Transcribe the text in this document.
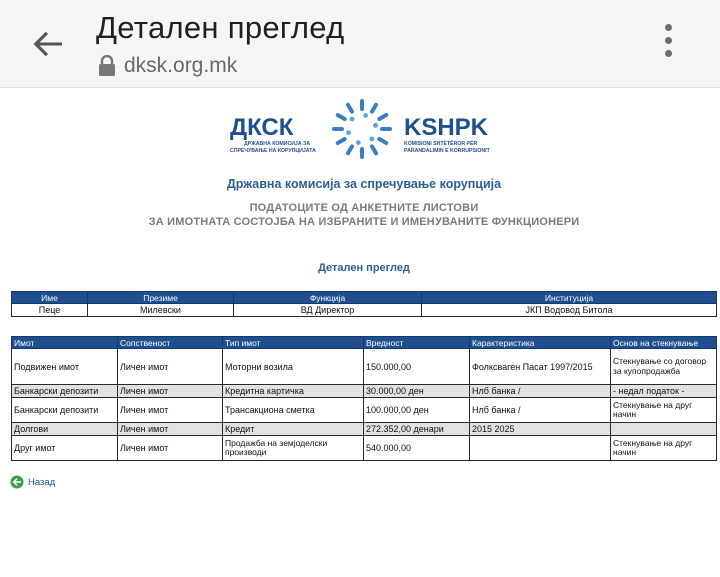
Детален преглед
dksk.org.mk
ДКСК	KSHPK
ДРЖАВНА КОМИСИЈА ЗА
СПРЕЧУВАЊЕ НА КОРУПЦИЈАТА
KOMISIONI SHTETËROR PËR
PARANDALIMIN E KORRUPSIONIT
Државна комисија за спречување корупција
ПОДАТОЦИТЕ ОД АНКЕТНИТЕ ЛИСТОВИ
ЗА ИМОТНАТА СОСТОЈБА НА ИЗБРАНИТЕ И ИМЕНУВАНИТЕ ФУНКЦИОНЕРИ
Детален преглед
Име	Презиме	Функција	Институција
Пеце	Милевски	ВД Директор	ЈКП Водовод Битола
Имот	Сопственост	Тип имот	Вредност	Карактеристика	Основ на стекнување
Подвижен имот	Личен имот	Моторни возила	150.000,00	Фолксваген Пасат 1997/2015	Стекнување со договор за купопродажба
Банкарски депозити	Личен имот	Кредитна картичка	30.000,00 ден	Нлб банка /	- недал податок -
Банкарски депозити	Личен имот	Трансакциона сметка	100.000,00 ден	Нлб банка /	Стекнување на друг начин
Долгови	Личен имот	Кредит	272.352,00 денари	2015 2025	
Друг имот	Личен имот	Продажба на земјоделски производи	540.000,00		Стекнување на друг начин
Назад
